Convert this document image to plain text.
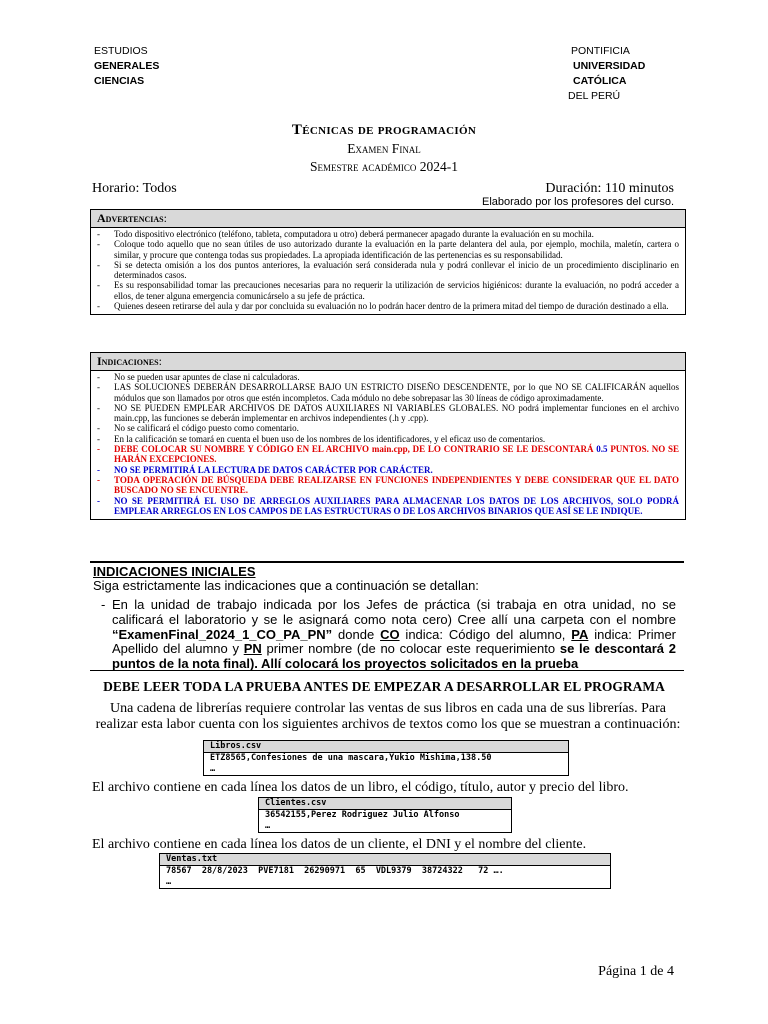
ESTUDIOS
GENERALES
CIENCIAS
PONTIFICIA
UNIVERSIDAD
CATÓLICA
DEL PERÚ
Técnicas de programación
Examen Final
Semestre académico 2024-1
Horario: Todos	Duración: 110 minutos
Elaborado por los profesores del curso.
Advertencias:
- Todo dispositivo electrónico (teléfono, tableta, computadora u otro) deberá permanecer apagado durante la evaluación en su mochila.
- Coloque todo aquello que no sean útiles de uso autorizado durante la evaluación en la parte delantera del aula, por ejemplo, mochila, maletín, cartera o similar, y procure que contenga todas sus propiedades. La apropiada identificación de las pertenencias es su responsabilidad.
- Si se detecta omisión a los dos puntos anteriores, la evaluación será considerada nula y podrá conllevar el inicio de un procedimiento disciplinario en determinados casos.
- Es su responsabilidad tomar las precauciones necesarias para no requerir la utilización de servicios higiénicos: durante la evaluación, no podrá acceder a ellos, de tener alguna emergencia comunicárselo a su jefe de práctica.
- Quienes deseen retirarse del aula y dar por concluida su evaluación no lo podrán hacer dentro de la primera mitad del tiempo de duración destinado a ella.
Indicaciones:
- No se pueden usar apuntes de clase ni calculadoras.
- LAS SOLUCIONES DEBERÁN DESARROLLARSE BAJO UN ESTRICTO DISEÑO DESCENDENTE, por lo que NO SE CALIFICARÁN aquellos módulos que son llamados por otros que estén incompletos. Cada módulo no debe sobrepasar las 30 líneas de código aproximadamente.
- NO SE PUEDEN EMPLEAR ARCHIVOS DE DATOS AUXILIARES NI VARIABLES GLOBALES. NO podrá implementar funciones en el archivo main.cpp, las funciones se deberán implementar en archivos independientes (.h y .cpp).
- No se calificará el código puesto como comentario.
- En la calificación se tomará en cuenta el buen uso de los nombres de los identificadores, y el eficaz uso de comentarios.
- DEBE COLOCAR SU NOMBRE Y CÓDIGO EN EL ARCHIVO main.cpp, DE LO CONTRARIO SE LE DESCONTARÁ 0.5 PUNTOS. NO SE HARÁN EXCEPCIONES.
- NO SE PERMITIRÁ LA LECTURA DE DATOS CARÁCTER POR CARÁCTER.
- TODA OPERACIÓN DE BÚSQUEDA DEBE REALIZARSE EN FUNCIONES INDEPENDIENTES Y DEBE CONSIDERAR QUE EL DATO BUSCADO NO SE ENCUENTRE.
- NO SE PERMITIRÁ EL USO DE ARREGLOS AUXILIARES PARA ALMACENAR LOS DATOS DE LOS ARCHIVOS, SOLO PODRÁ EMPLEAR ARREGLOS EN LOS CAMPOS DE LAS ESTRUCTURAS O DE LOS ARCHIVOS BINARIOS QUE ASÍ SE LE INDIQUE.
INDICACIONES INICIALES
Siga estrictamente las indicaciones que a continuación se detallan:
- En la unidad de trabajo indicada por los Jefes de práctica (si trabaja en otra unidad, no se calificará el laboratorio y se le asignará como nota cero) Cree allí una carpeta con el nombre “ExamenFinal_2024_1_CO_PA_PN” donde CO indica: Código del alumno, PA indica: Primer Apellido del alumno y PN primer nombre (de no colocar este requerimiento se le descontará 2 puntos de la nota final). Allí colocará los proyectos solicitados en la prueba
DEBE LEER TODA LA PRUEBA ANTES DE EMPEZAR A DESARROLLAR EL PROGRAMA
Una cadena de librerías requiere controlar las ventas de sus libros en cada una de sus librerías. Para realizar esta labor cuenta con los siguientes archivos de textos como los que se muestran a continuación:
Libros.csv
ETZ8565,Confesiones de una mascara,Yukio Mishima,138.50
…
El archivo contiene en cada línea los datos de un libro, el código, título, autor y precio del libro.
Clientes.csv
36542155,Perez Rodriguez Julio Alfonso
…
El archivo contiene en cada línea los datos de un cliente, el DNI y el nombre del cliente.
Ventas.txt
78567  28/8/2023  PVE7181  26290971  65  VDL9379  38724322   72 ….
…
Página 1 de 4
